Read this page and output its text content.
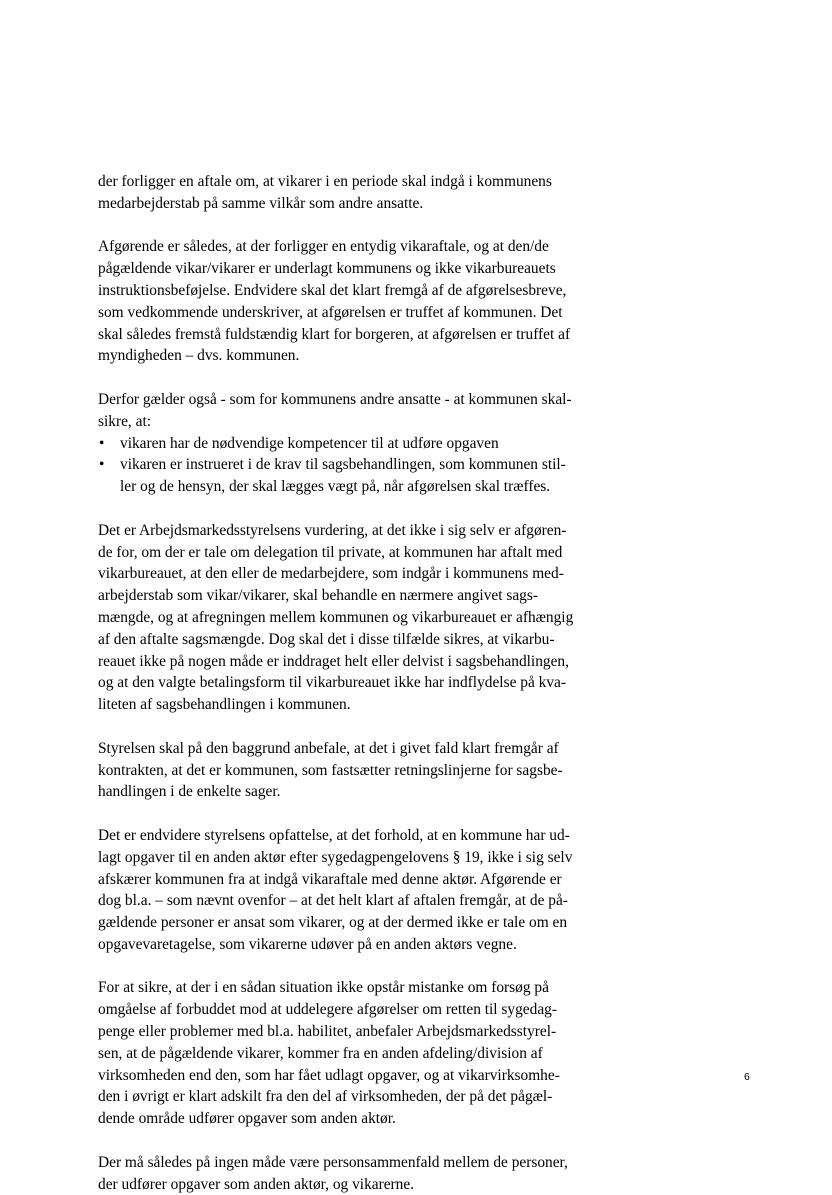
der forligger en aftale om, at vikarer i en periode skal indgå i kommunens
medarbejderstab på samme vilkår som andre ansatte.
Afgørende er således, at der forligger en entydig vikaraftale, og at den/de
pågældende vikar/vikarer er underlagt kommunens og ikke vikarbureauets
instruktionsbeføjelse. Endvidere skal det klart fremgå af de afgørelsesbreve,
som vedkommende underskriver, at afgørelsen er truffet af kommunen. Det
skal således fremstå fuldstændig klart for borgeren, at afgørelsen er truffet af
myndigheden – dvs. kommunen.
Derfor gælder også - som for kommunens andre ansatte - at kommunen skal-
sikre, at:
• vikaren har de nødvendige kompetencer til at udføre opgaven
• vikaren er instrueret i de krav til sagsbehandlingen, som kommunen stil-
ler og de hensyn, der skal lægges vægt på, når afgørelsen skal træffes.
Det er Arbejdsmarkedsstyrelsens vurdering, at det ikke i sig selv er afgøren-
de for, om der er tale om delegation til private, at kommunen har aftalt med
vikarbureauet, at den eller de medarbejdere, som indgår i kommunens med-
arbejderstab som vikar/vikarer, skal behandle en nærmere angivet sags-
mængde, og at afregningen mellem kommunen og vikarbureauet er afhængig
af den aftalte sagsmængde. Dog skal det i disse tilfælde sikres, at vikarbu-
reauet ikke på nogen måde er inddraget helt eller delvist i sagsbehandlingen,
og at den valgte betalingsform til vikarbureauet ikke har indflydelse på kva-
liteten af sagsbehandlingen i kommunen.
Styrelsen skal på den baggrund anbefale, at det i givet fald klart fremgår af
kontrakten, at det er kommunen, som fastsætter retningslinjerne for sagsbe-
handlingen i de enkelte sager.
Det er endvidere styrelsens opfattelse, at det forhold, at en kommune har ud-
lagt opgaver til en anden aktør efter sygedagpengelovens § 19, ikke i sig selv
afskærer kommunen fra at indgå vikaraftale med denne aktør. Afgørende er
dog bl.a. – som nævnt ovenfor – at det helt klart af aftalen fremgår, at de på-
gældende personer er ansat som vikarer, og at der dermed ikke er tale om en
opgavevaretagelse, som vikarerne udøver på en anden aktørs vegne.
For at sikre, at der i en sådan situation ikke opstår mistanke om forsøg på
omgåelse af forbuddet mod at uddelegere afgørelser om retten til sygedag-
penge eller problemer med bl.a. habilitet, anbefaler Arbejdsmarkedsstyrel-
sen, at de pågældende vikarer, kommer fra en anden afdeling/division af
virksomheden end den, som har fået udlagt opgaver, og at vikarvirksomhe-
den i øvrigt er klart adskilt fra den del af virksomheden, der på det pågæl-
dende område udfører opgaver som anden aktør.
Der må således på ingen måde være personsammenfald mellem de personer,
der udfører opgaver som anden aktør, og vikarerne.
6
